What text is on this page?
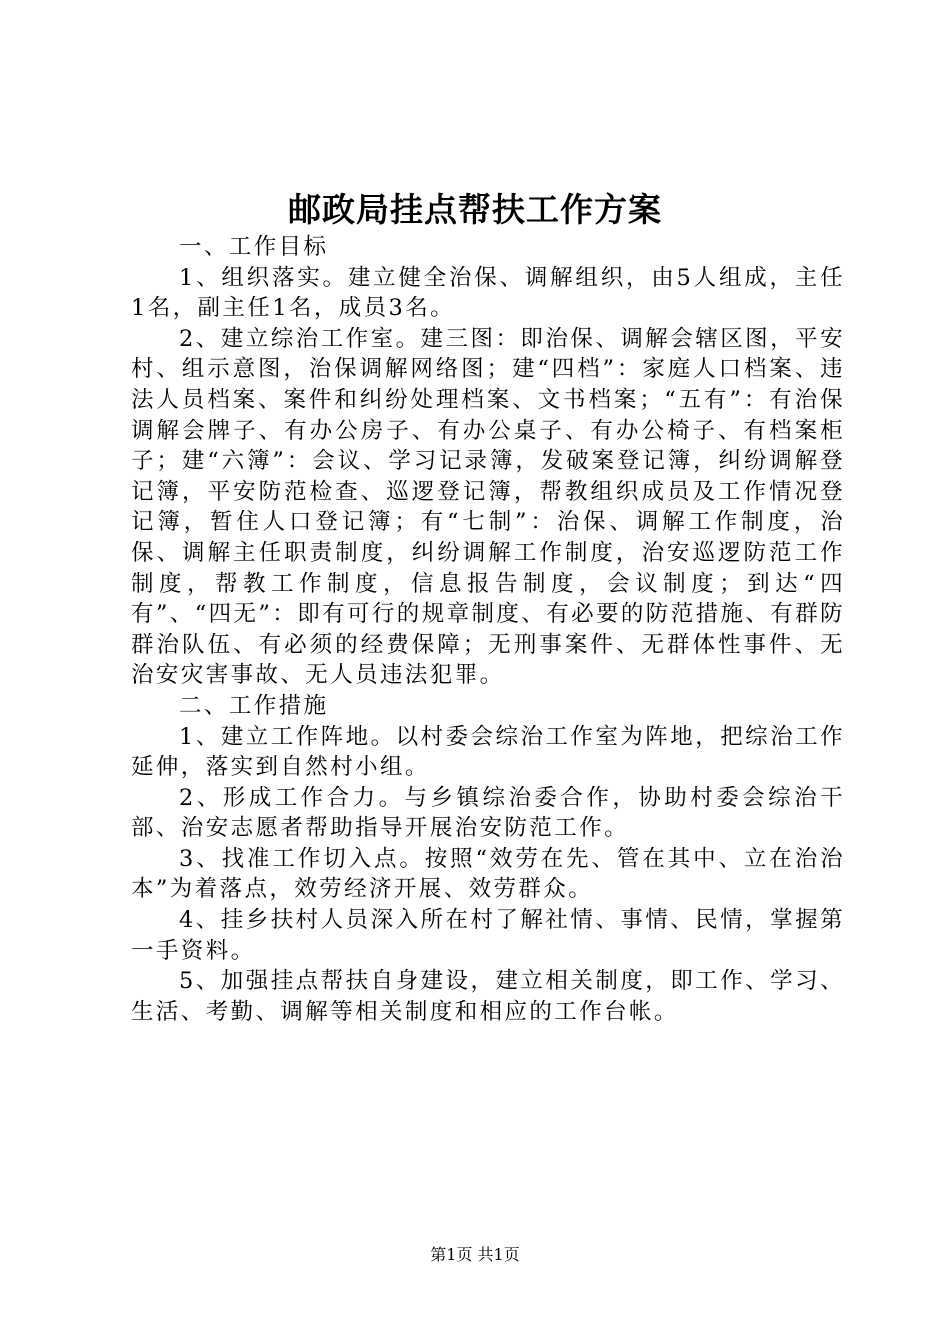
邮政局挂点帮扶工作方案

一、工作目标

1、组织落实。建立健全治保、调解组织，由5人组成，主任1名，副主任1名，成员3名。

2、建立综治工作室。建三图：即治保、调解会辖区图，平安村、组示意图，治保调解网络图；建“四档”：家庭人口档案、违法人员档案、案件和纠纷处理档案、文书档案；“五有”：有治保调解会牌子、有办公房子、有办公桌子、有办公椅子、有档案柜子；建“六簿”：会议、学习记录簿，发破案登记簿，纠纷调解登记簿，平安防范检查、巡逻登记簿，帮教组织成员及工作情况登记簿，暂住人口登记簿；有“七制”：治保、调解工作制度，治保、调解主任职责制度，纠纷调解工作制度，治安巡逻防范工作制度，帮教工作制度，信息报告制度，会议制度；到达“四有”、“四无”：即有可行的规章制度、有必要的防范措施、有群防群治队伍、有必须的经费保障；无刑事案件、无群体性事件、无治安灾害事故、无人员违法犯罪。

二、工作措施

1、建立工作阵地。以村委会综治工作室为阵地，把综治工作延伸，落实到自然村小组。

2、形成工作合力。与乡镇综治委合作，协助村委会综治干部、治安志愿者帮助指导开展治安防范工作。

3、找准工作切入点。按照“效劳在先、管在其中、立在治治本”为着落点，效劳经济开展、效劳群众。

4、挂乡扶村人员深入所在村了解社情、事情、民情，掌握第一手资料。

5、加强挂点帮扶自身建设，建立相关制度，即工作、学习、生活、考勤、调解等相关制度和相应的工作台帐。

第1页 共1页
